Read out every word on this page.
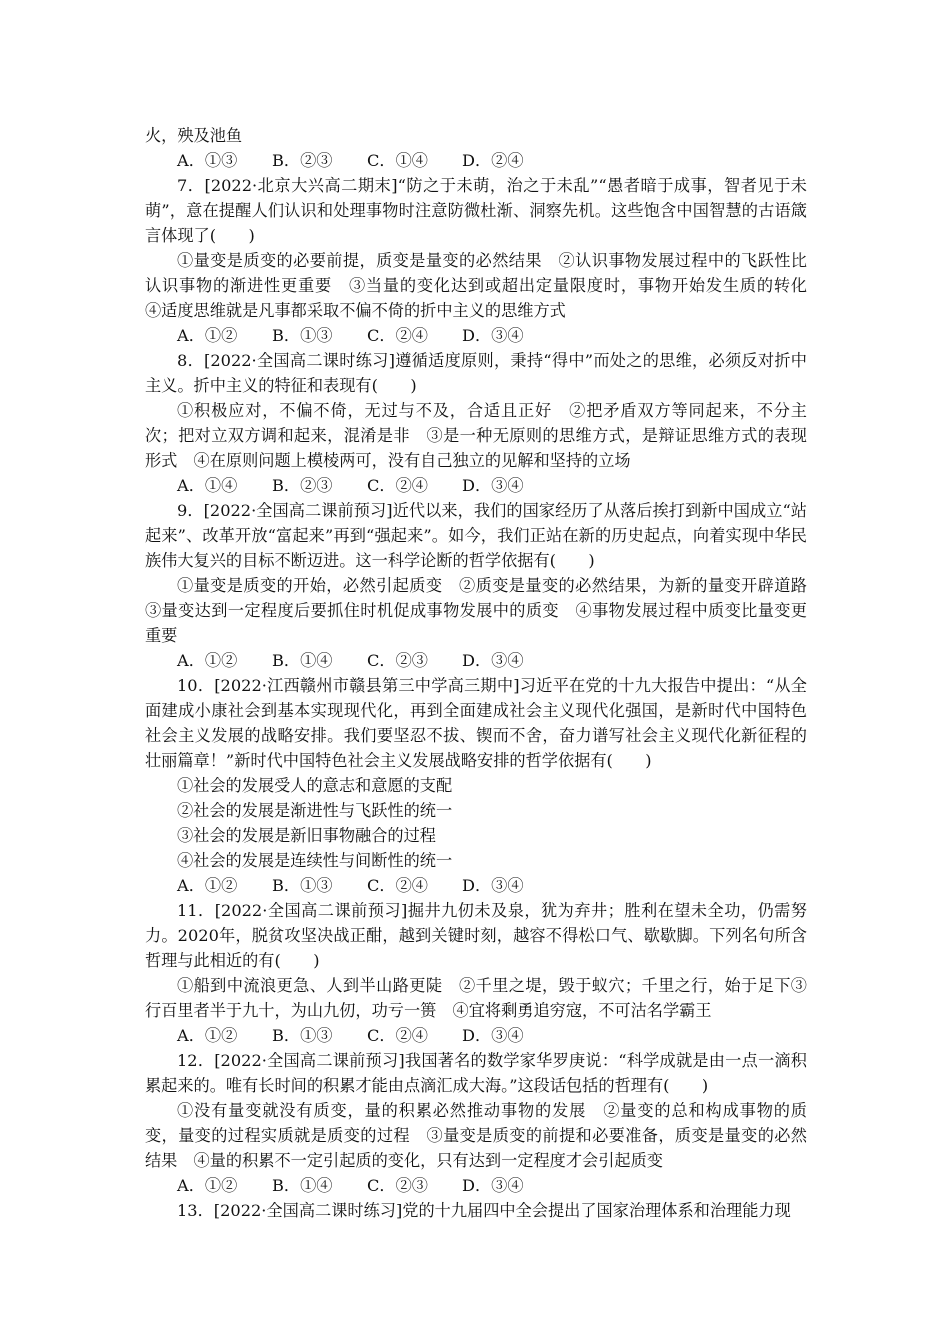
火，殃及池鱼

A．①③ B．②③ C．①④ D．②④

7．[2022·北京大兴高二期末]“防之于未萌，治之于未乱”“愚者暗于成事，智者见于未萌”，意在提醒人们认识和处理事物时注意防微杜渐、洞察先机。这些饱含中国智慧的古语箴言体现了(　　)

①量变是质变的必要前提，质变是量变的必然结果　②认识事物发展过程中的飞跃性比认识事物的渐进性更重要　③当量的变化达到或超出定量限度时，事物开始发生质的转化　④适度思维就是凡事都采取不偏不倚的折中主义的思维方式

A．①② B．①③ C．②④ D．③④

8．[2022·全国高二课时练习]遵循适度原则，秉持“得中”而处之的思维，必须反对折中主义。折中主义的特征和表现有(　　)

①积极应对，不偏不倚，无过与不及，合适且正好　②把矛盾双方等同起来，不分主次；把对立双方调和起来，混淆是非　③是一种无原则的思维方式，是辩证思维方式的表现形式　④在原则问题上模棱两可，没有自己独立的见解和坚持的立场

A．①④ B．②③ C．②④ D．③④

9．[2022·全国高二课前预习]近代以来，我们的国家经历了从落后挨打到新中国成立“站起来”、改革开放“富起来”再到“强起来”。如今，我们正站在新的历史起点，向着实现中华民族伟大复兴的目标不断迈进。这一科学论断的哲学依据有(　　)

①量变是质变的开始，必然引起质变　②质变是量变的必然结果，为新的量变开辟道路　③量变达到一定程度后要抓住时机促成事物发展中的质变　④事物发展过程中质变比量变更重要

A．①② B．①④ C．②③ D．③④

10．[2022·江西赣州市赣县第三中学高三期中]习近平在党的十九大报告中提出：“从全面建成小康社会到基本实现现代化，再到全面建成社会主义现代化强国，是新时代中国特色社会主义发展的战略安排。我们要坚忍不拔、锲而不舍，奋力谱写社会主义现代化新征程的壮丽篇章！”新时代中国特色社会主义发展战略安排的哲学依据有(　　)

①社会的发展受人的意志和意愿的支配

②社会的发展是渐进性与飞跃性的统一

③社会的发展是新旧事物融合的过程

④社会的发展是连续性与间断性的统一

A．①② B．①③ C．②④ D．③④

11．[2022·全国高二课前预习]掘井九仞未及泉，犹为弃井；胜利在望未全功，仍需努力。2020年，脱贫攻坚决战正酣，越到关键时刻，越容不得松口气、歇歇脚。下列名句所含哲理与此相近的有(　　)

①船到中流浪更急、人到半山路更陡　②千里之堤，毁于蚁穴；千里之行，始于足下③行百里者半于九十，为山九仞，功亏一篑　④宜将剩勇追穷寇，不可沽名学霸王

A．①② B．①③ C．②④ D．③④

12．[2022·全国高二课前预习]我国著名的数学家华罗庚说：“科学成就是由一点一滴积累起来的。唯有长时间的积累才能由点滴汇成大海。”这段话包括的哲理有(　　)

①没有量变就没有质变，量的积累必然推动事物的发展　②量变的总和构成事物的质变，量变的过程实质就是质变的过程　③量变是质变的前提和必要准备，质变是量变的必然结果　④量的积累不一定引起质的变化，只有达到一定程度才会引起质变

A．①② B．①④ C．②③ D．③④

13．[2022·全国高二课时练习]党的十九届四中全会提出了国家治理体系和治理能力现
